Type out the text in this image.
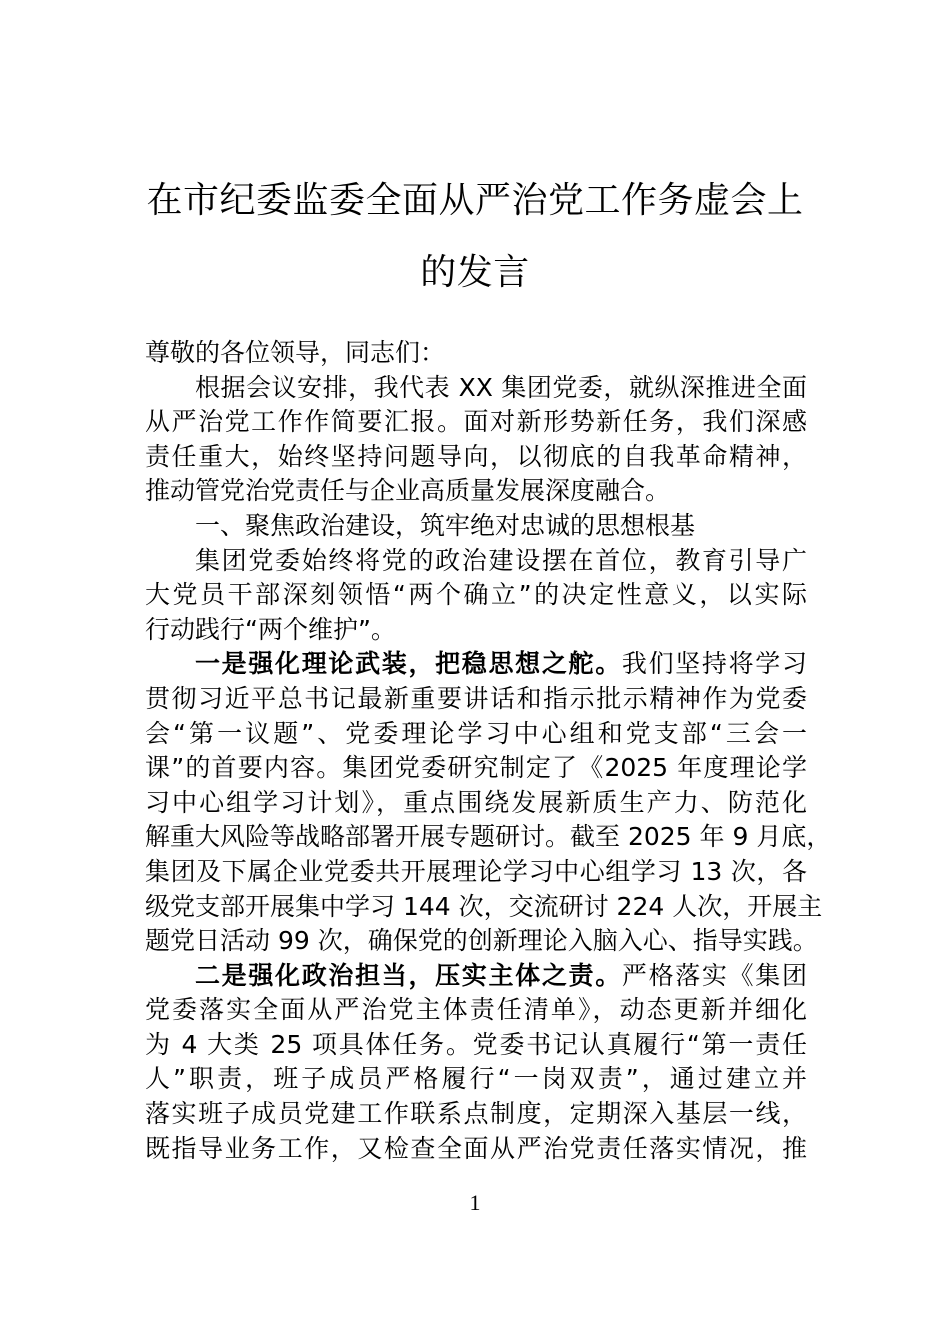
在市纪委监委全面从严治党工作务虚会上
的发言
尊敬的各位领导，同志们：
根据会议安排，我代表 XX 集团党委，就纵深推进全面
从严治党工作作简要汇报。面对新形势新任务，我们深感
责任重大，始终坚持问题导向，以彻底的自我革命精神，
推动管党治党责任与企业高质量发展深度融合。
一、聚焦政治建设，筑牢绝对忠诚的思想根基
集团党委始终将党的政治建设摆在首位，教育引导广
大党员干部深刻领悟“两个确立”的决定性意义，以实际
行动践行“两个维护”。
一是强化理论武装，把稳思想之舵。我们坚持将学习
贯彻习近平总书记最新重要讲话和指示批示精神作为党委
会“第一议题”、党委理论学习中心组和党支部“三会一
课”的首要内容。集团党委研究制定了《2025 年度理论学
习中心组学习计划》，重点围绕发展新质生产力、防范化
解重大风险等战略部署开展专题研讨。截至 2025 年 9 月底，
集团及下属企业党委共开展理论学习中心组学习 13 次，各
级党支部开展集中学习 144 次，交流研讨 224 人次，开展主
题党日活动 99 次，确保党的创新理论入脑入心、指导实践。
二是强化政治担当，压实主体之责。严格落实《集团
党委落实全面从严治党主体责任清单》，动态更新并细化
为 4 大类 25 项具体任务。党委书记认真履行“第一责任
人”职责，班子成员严格履行“一岗双责”，通过建立并
落实班子成员党建工作联系点制度，定期深入基层一线，
既指导业务工作，又检查全面从严治党责任落实情况，推
1
